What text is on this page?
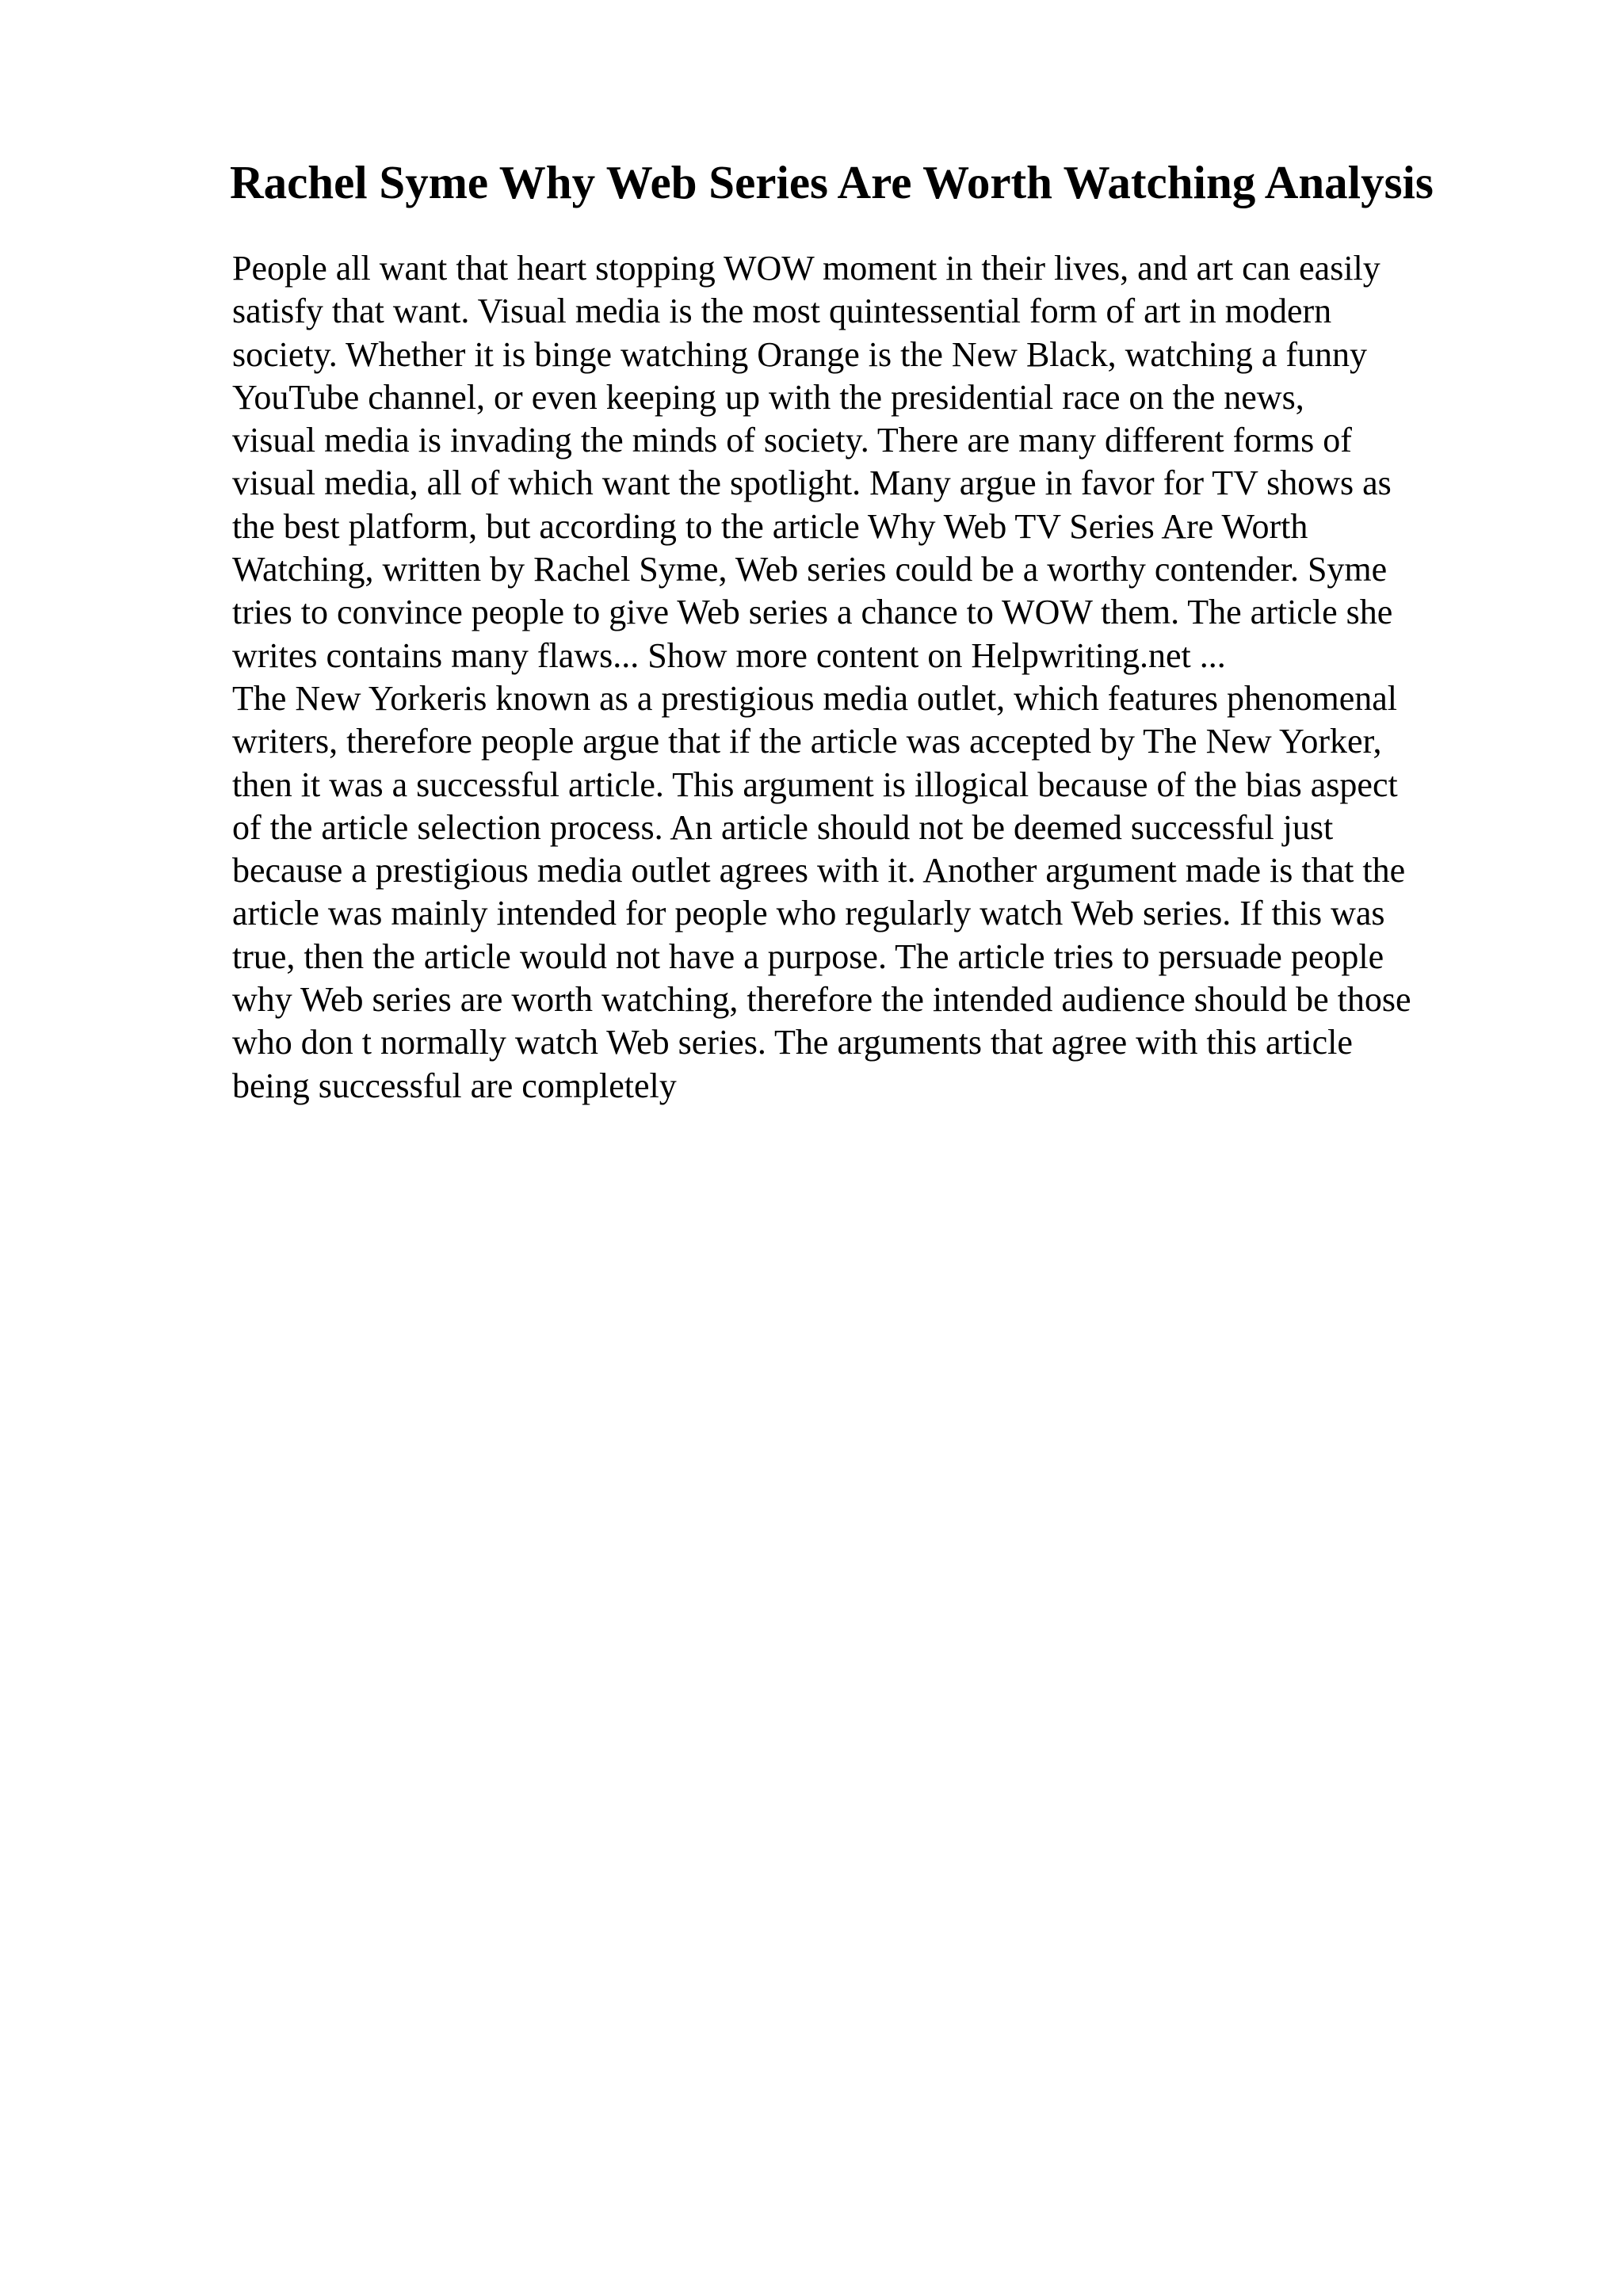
Rachel Syme Why Web Series Are Worth Watching Analysis

People all want that heart stopping WOW moment in their lives, and art can easily
satisfy that want. Visual media is the most quintessential form of art in modern
society. Whether it is binge watching Orange is the New Black, watching a funny
YouTube channel, or even keeping up with the presidential race on the news,
visual media is invading the minds of society. There are many different forms of
visual media, all of which want the spotlight. Many argue in favor for TV shows as
the best platform, but according to the article Why Web TV Series Are Worth
Watching, written by Rachel Syme, Web series could be a worthy contender. Syme
tries to convince people to give Web series a chance to WOW them. The article she
writes contains many flaws... Show more content on Helpwriting.net ...

The New Yorkeris known as a prestigious media outlet, which features phenomenal
writers, therefore people argue that if the article was accepted by The New Yorker,
then it was a successful article. This argument is illogical because of the bias aspect
of the article selection process. An article should not be deemed successful just
because a prestigious media outlet agrees with it. Another argument made is that the
article was mainly intended for people who regularly watch Web series. If this was
true, then the article would not have a purpose. The article tries to persuade people
why Web series are worth watching, therefore the intended audience should be those
who don t normally watch Web series. The arguments that agree with this article
being successful are completely
